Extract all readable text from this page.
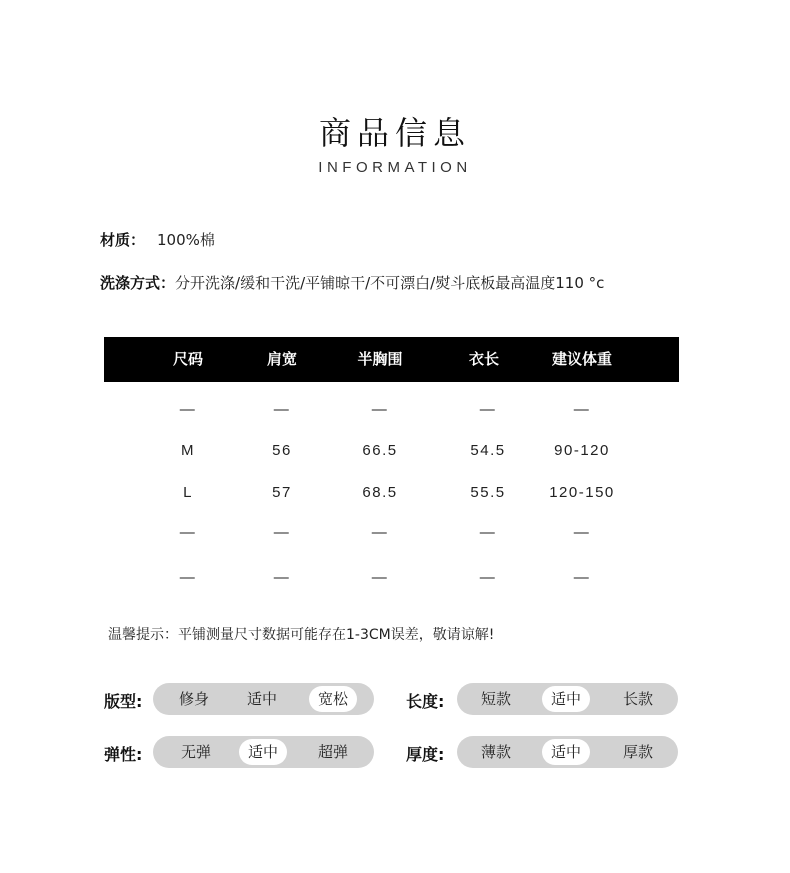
商品信息
INFORMATION
材质： 100%棉
洗涤方式：分开洗涤/缓和干洗/平铺晾干/不可漂白/熨斗底板最高温度110 °c
尺码	肩宽	半胸围	衣长	建议体重
—	—	—	—	—
M	56	66.5	54.5	90-120
L	57	68.5	55.5	120-150
—	—	—	—	—
—	—	—	—	—
温馨提示：平铺测量尺寸数据可能存在1-3CM误差，敬请谅解!
版型:	修身	适中	宽松	长度:	短款	适中	长款
弹性:	无弹	适中	超弹	厚度:	薄款	适中	厚款
